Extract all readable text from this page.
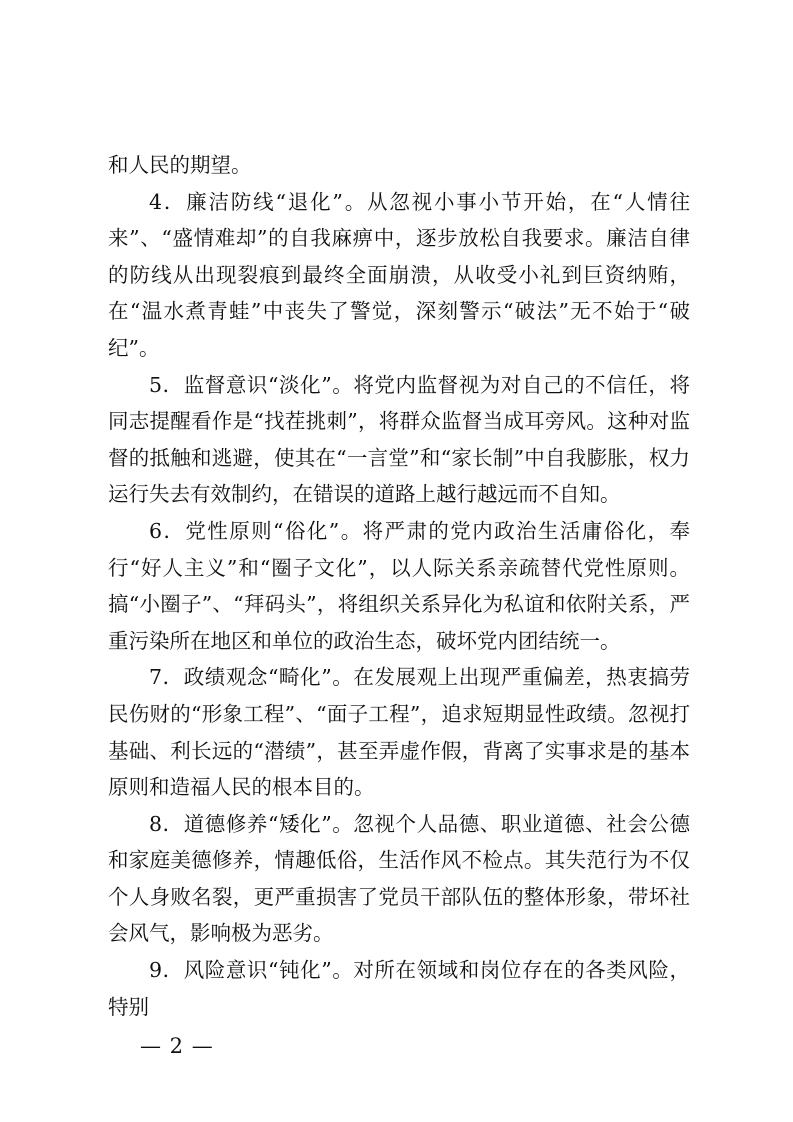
和人民的期望。

4．廉洁防线“退化”。从忽视小事小节开始，在“人情往来”、“盛情难却”的自我麻痹中，逐步放松自我要求。廉洁自律的防线从出现裂痕到最终全面崩溃，从收受小礼到巨资纳贿，在“温水煮青蛙”中丧失了警觉，深刻警示“破法”无不始于“破纪”。

5．监督意识“淡化”。将党内监督视为对自己的不信任，将同志提醒看作是“找茬挑刺”，将群众监督当成耳旁风。这种对监督的抵触和逃避，使其在“一言堂”和“家长制”中自我膨胀，权力运行失去有效制约，在错误的道路上越行越远而不自知。

6．党性原则“俗化”。将严肃的党内政治生活庸俗化，奉行“好人主义”和“圈子文化”，以人际关系亲疏替代党性原则。搞“小圈子”、“拜码头”，将组织关系异化为私谊和依附关系，严重污染所在地区和单位的政治生态，破坏党内团结统一。

7．政绩观念“畸化”。在发展观上出现严重偏差，热衷搞劳民伤财的“形象工程”、“面子工程”，追求短期显性政绩。忽视打基础、利长远的“潜绩”，甚至弄虚作假，背离了实事求是的基本原则和造福人民的根本目的。

8．道德修养“矮化”。忽视个人品德、职业道德、社会公德和家庭美德修养，情趣低俗，生活作风不检点。其失范行为不仅个人身败名裂，更严重损害了党员干部队伍的整体形象，带坏社会风气，影响极为恶劣。

9．风险意识“钝化”。对所在领域和岗位存在的各类风险，特别

— 2 —
